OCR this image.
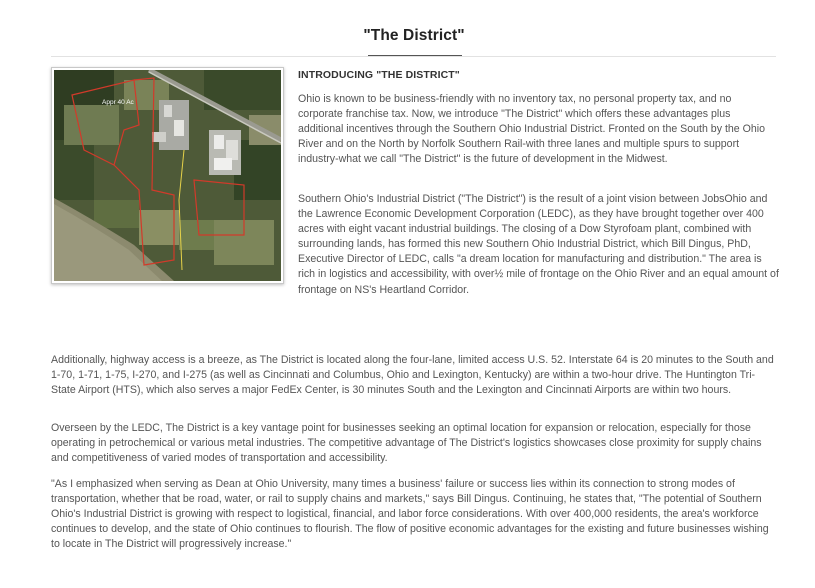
"The District"
Appr 40 Ac
INTRODUCING "THE DISTRICT"
Ohio is known to be business-friendly with no inventory tax, no personal property tax, and no corporate franchise tax. Now, we introduce "The District" which offers these advantages plus additional incentives through the Southern Ohio Industrial District. Fronted on the South by the Ohio River and on the North by Norfolk Southern Rail-with three lanes and multiple spurs to support industry-what we call "The District" is the future of development in the Midwest.
Southern Ohio's Industrial District ("The District") is the result of a joint vision between JobsOhio and the Lawrence Economic Development Corporation (LEDC), as they have brought together over 400 acres with eight vacant industrial buildings. The closing of a Dow Styrofoam plant, combined with surrounding lands, has formed this new Southern Ohio Industrial District, which Bill Dingus, PhD, Executive Director of LEDC, calls "a dream location for manufacturing and distribution." The area is rich in logistics and accessibility, with over½ mile of frontage on the Ohio River and an equal amount of frontage on NS's Heartland Corridor.
Additionally, highway access is a breeze, as The District is located along the four-lane, limited access U.S. 52. Interstate 64 is 20 minutes to the South and 1-70, 1-71, 1-75, I-270, and I-275 (as well as Cincinnati and Columbus, Ohio and Lexington, Kentucky) are within a two-hour drive. The Huntington Tri-State Airport (HTS), which also serves a major FedEx Center, is 30 minutes South and the Lexington and Cincinnati Airports are within two hours.
Overseen by the LEDC, The District is a key vantage point for businesses seeking an optimal location for expansion or relocation, especially for those operating in petrochemical or various metal industries. The competitive advantage of The District's logistics showcases close proximity for supply chains and competitiveness of varied modes of transportation and accessibility.
"As I emphasized when serving as Dean at Ohio University, many times a business' failure or success lies within its connection to strong modes of transportation, whether that be road, water, or rail to supply chains and markets," says Bill Dingus. Continuing, he states that, "The potential of Southern Ohio's Industrial District is growing with respect to logistical, financial, and labor force considerations. With over 400,000 residents, the area's workforce continues to develop, and the state of Ohio continues to flourish. The flow of positive economic advantages for the existing and future businesses wishing to locate in The District will progressively increase."
